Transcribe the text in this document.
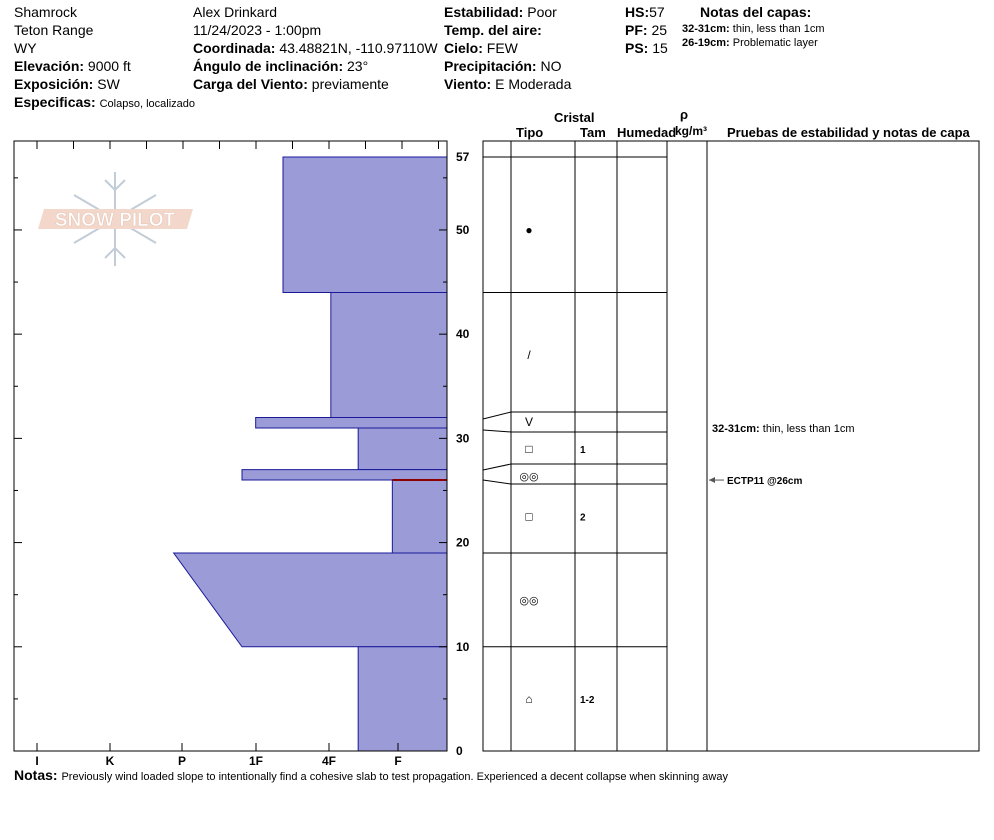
Shamrock
Teton Range
WY
Elevación: 9000 ft
Exposición: SW
Especificas: Colapso, localizado
Alex Drinkard
11/24/2023 - 1:00pm
Coordinada: 43.48821N, -110.97110W
Ángulo de inclinación: 23°
Carga del Viento: previamente
Estabilidad: Poor
Temp. del aire:
Cielo: FEW
Precipitación: NO
Viento: E Moderada
HS:57
PF: 25
PS: 15
Notas del capas:
32-31cm: thin, less than 1cm
26-19cm: Problematic layer
Cristal
Tipo	Tam Humedad
ρ
kg/m³ Pruebas de estabilidad y notas de capa
SNOW PILOT
I	K	P	1F	4F	F
0
10
20
30
40
50
57
●
/
V
□	1
◎◎
□	2
◎◎
⌂	1-2
32-31cm: thin, less than 1cm
ECTP11 @26cm
Notas: Previously wind loaded slope to intentionally find a cohesive slab to test propagation. Experienced a decent collapse when skinning away
